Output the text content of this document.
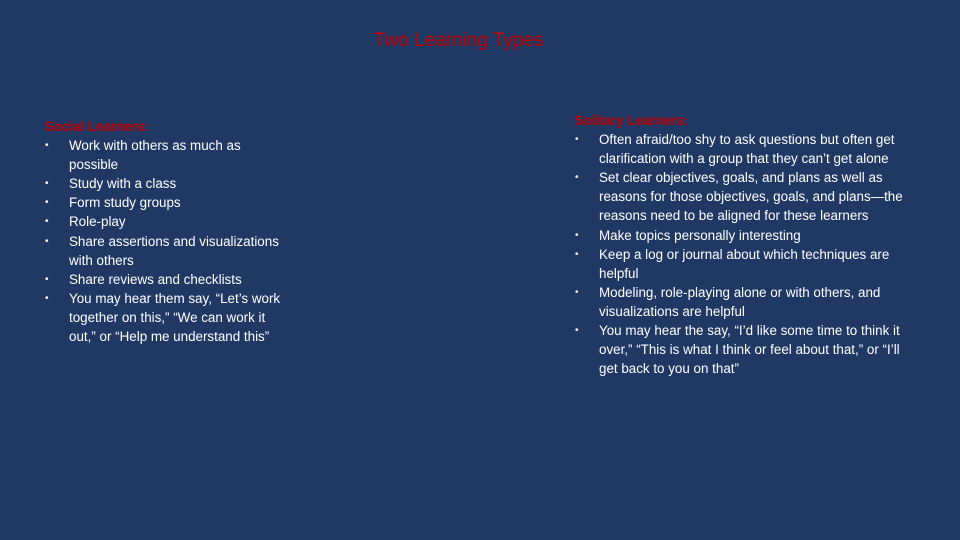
Two Learning Types
Social Learners:
•	Work with others as much as possible
•	Study with a class
•	Form study groups
•	Role-play
•	Share assertions and visualizations with others
•	Share reviews and checklists
•	You may hear them say, “Let’s work together on this,” “We can work it out,” or “Help me understand this”
Solitary Learners:
•	Often afraid/too shy to ask questions but often get clarification with a group that they can’t get alone
•	Set clear objectives, goals, and plans as well as reasons for those objectives, goals, and plans—the reasons need to be aligned for these learners
•	Make topics personally interesting
•	Keep a log or journal about which techniques are helpful
•	Modeling, role-playing alone or with others, and visualizations are helpful
•	You may hear the say, “I’d like some time to think it over,” “This is what I think or feel about that,” or “I’ll get back to you on that”
